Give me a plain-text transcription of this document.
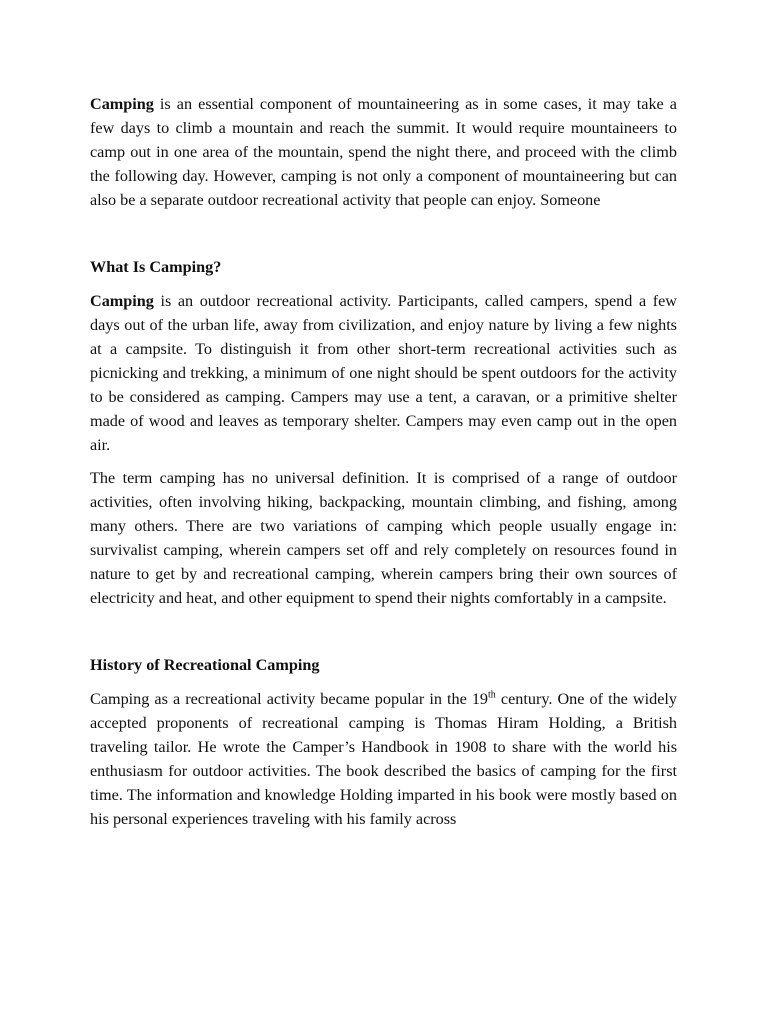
Camping is an essential component of mountaineering as in some cases, it may take a few days to climb a mountain and reach the summit. It would require mountaineers to camp out in one area of the mountain, spend the night there, and proceed with the climb the following day. However, camping is not only a component of mountaineering but can also be a separate outdoor recreational activity that people can enjoy. Someone

What Is Camping?

Camping is an outdoor recreational activity. Participants, called campers, spend a few days out of the urban life, away from civilization, and enjoy nature by living a few nights at a campsite. To distinguish it from other short-term recreational activities such as picnicking and trekking, a minimum of one night should be spent outdoors for the activity to be considered as camping. Campers may use a tent, a caravan, or a primitive shelter made of wood and leaves as temporary shelter. Campers may even camp out in the open air.

The term camping has no universal definition. It is comprised of a range of outdoor activities, often involving hiking, backpacking, mountain climbing, and fishing, among many others. There are two variations of camping which people usually engage in: survivalist camping, wherein campers set off and rely completely on resources found in nature to get by and recreational camping, wherein campers bring their own sources of electricity and heat, and other equipment to spend their nights comfortably in a campsite.

History of Recreational Camping

Camping as a recreational activity became popular in the 19th century. One of the widely accepted proponents of recreational camping is Thomas Hiram Holding, a British traveling tailor. He wrote the Camper’s Handbook in 1908 to share with the world his enthusiasm for outdoor activities. The book described the basics of camping for the first time. The information and knowledge Holding imparted in his book were mostly based on his personal experiences traveling with his family across
